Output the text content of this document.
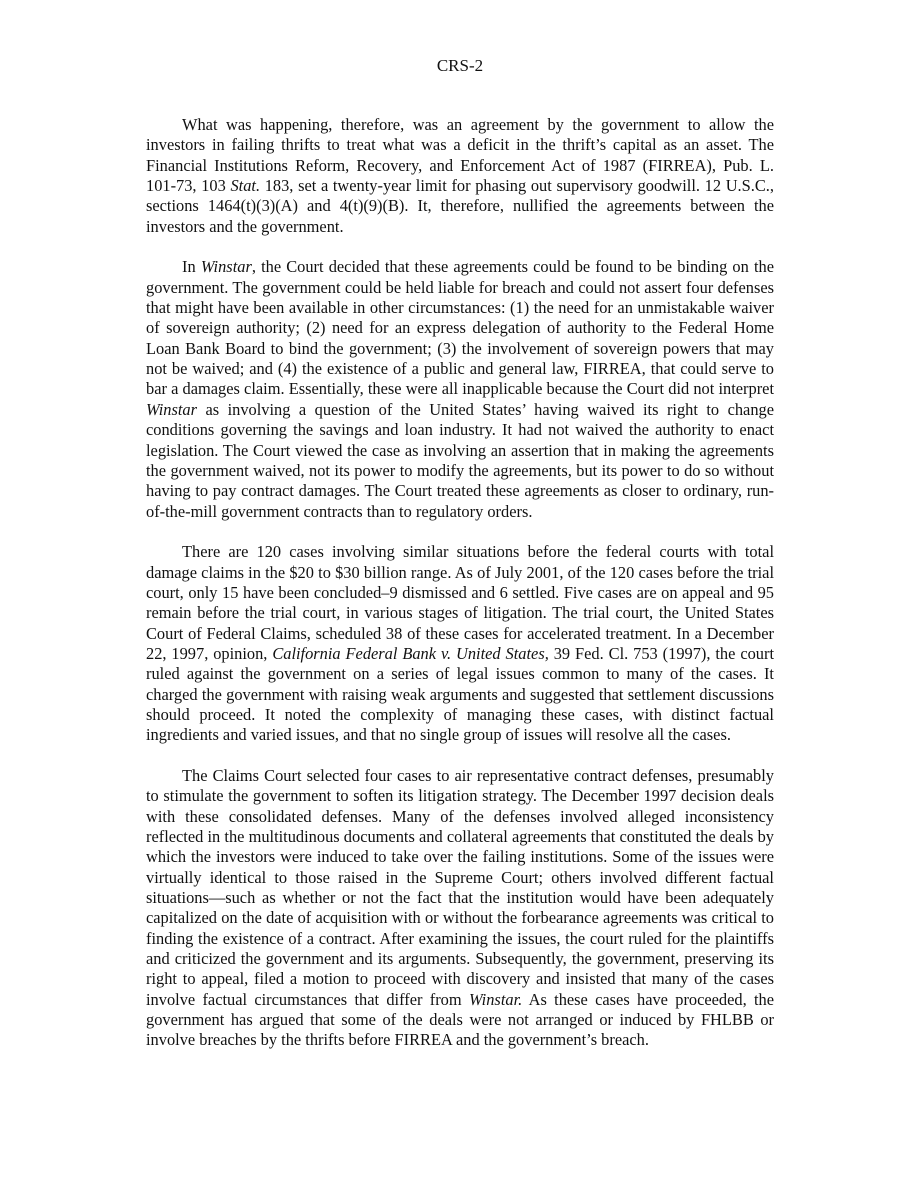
CRS-2

What was happening, therefore, was an agreement by the government to allow the investors in failing thrifts to treat what was a deficit in the thrift’s capital as an asset. The Financial Institutions Reform, Recovery, and Enforcement Act of 1987 (FIRREA), Pub. L. 101-73, 103 Stat. 183, set a twenty-year limit for phasing out supervisory goodwill. 12 U.S.C., sections 1464(t)(3)(A) and 4(t)(9)(B). It, therefore, nullified the agreements between the investors and the government.

In Winstar, the Court decided that these agreements could be found to be binding on the government. The government could be held liable for breach and could not assert four defenses that might have been available in other circumstances: (1) the need for an unmistakable waiver of sovereign authority; (2) need for an express delegation of authority to the Federal Home Loan Bank Board to bind the government; (3) the involvement of sovereign powers that may not be waived; and (4) the existence of a public and general law, FIRREA, that could serve to bar a damages claim. Essentially, these were all inapplicable because the Court did not interpret Winstar as involving a question of the United States’ having waived its right to change conditions governing the savings and loan industry. It had not waived the authority to enact legislation. The Court viewed the case as involving an assertion that in making the agreements the government waived, not its power to modify the agreements, but its power to do so without having to pay contract damages. The Court treated these agreements as closer to ordinary, run-of-the-mill government contracts than to regulatory orders.

There are 120 cases involving similar situations before the federal courts with total damage claims in the $20 to $30 billion range. As of July 2001, of the 120 cases before the trial court, only 15 have been concluded–9 dismissed and 6 settled. Five cases are on appeal and 95 remain before the trial court, in various stages of litigation. The trial court, the United States Court of Federal Claims, scheduled 38 of these cases for accelerated treatment. In a December 22, 1997, opinion, California Federal Bank v. United States, 39 Fed. Cl. 753 (1997), the court ruled against the government on a series of legal issues common to many of the cases. It charged the government with raising weak arguments and suggested that settlement discussions should proceed. It noted the complexity of managing these cases, with distinct factual ingredients and varied issues, and that no single group of issues will resolve all the cases.

The Claims Court selected four cases to air representative contract defenses, presumably to stimulate the government to soften its litigation strategy. The December 1997 decision deals with these consolidated defenses. Many of the defenses involved alleged inconsistency reflected in the multitudinous documents and collateral agreements that constituted the deals by which the investors were induced to take over the failing institutions. Some of the issues were virtually identical to those raised in the Supreme Court; others involved different factual situations—such as whether or not the fact that the institution would have been adequately capitalized on the date of acquisition with or without the forbearance agreements was critical to finding the existence of a contract. After examining the issues, the court ruled for the plaintiffs and criticized the government and its arguments. Subsequently, the government, preserving its right to appeal, filed a motion to proceed with discovery and insisted that many of the cases involve factual circumstances that differ from Winstar. As these cases have proceeded, the government has argued that some of the deals were not arranged or induced by FHLBB or involve breaches by the thrifts before FIRREA and the government’s breach.
